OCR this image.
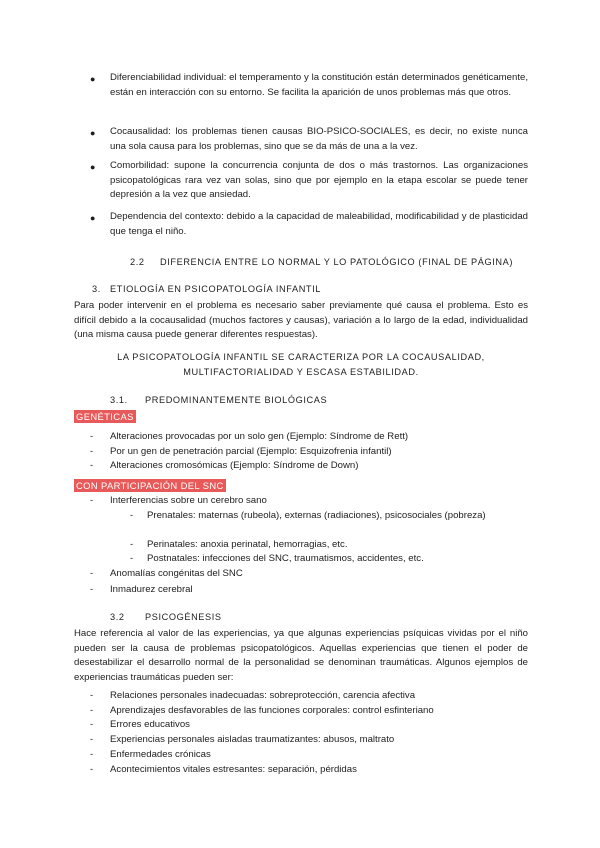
● Diferenciabilidad individual: el temperamento y la constitución están determinados genéticamente, están en interacción con su entorno. Se facilita la aparición de unos problemas más que otros.
● Cocausalidad: los problemas tienen causas BIO-PSICO-SOCIALES, es decir, no existe nunca una sola causa para los problemas, sino que se da más de una a la vez.
● Comorbilidad: supone la concurrencia conjunta de dos o más trastornos. Las organizaciones psicopatológicas rara vez van solas, sino que por ejemplo en la etapa escolar se puede tener depresión a la vez que ansiedad.
● Dependencia del contexto: debido a la capacidad de maleabilidad, modificabilidad y de plasticidad que tenga el niño.
2.2 DIFERENCIA ENTRE LO NORMAL Y LO PATOLÓGICO (FINAL DE PÁGINA)
3. ETIOLOGÍA EN PSICOPATOLOGÍA INFANTIL
Para poder intervenir en el problema es necesario saber previamente qué causa el problema. Esto es difícil debido a la cocausalidad (muchos factores y causas), variación a lo largo de la edad, individualidad (una misma causa puede generar diferentes respuestas).
LA PSICOPATOLOGÍA INFANTIL SE CARACTERIZA POR LA COCAUSALIDAD,
MULTIFACTORIALIDAD Y ESCASA ESTABILIDAD.
3.1. PREDOMINANTEMENTE BIOLÓGICAS
GENÉTICAS
- Alteraciones provocadas por un solo gen (Ejemplo: Síndrome de Rett)
- Por un gen de penetración parcial (Ejemplo: Esquizofrenia infantil)
- Alteraciones cromosómicas (Ejemplo: Síndrome de Down)
CON PARTICIPACIÓN DEL SNC
- Interferencias sobre un cerebro sano
- Prenatales: maternas (rubeola), externas (radiaciones), psicosociales (pobreza)
- Perinatales: anoxia perinatal, hemorragias, etc.
- Postnatales: infecciones del SNC, traumatismos, accidentes, etc.
- Anomalías congénitas del SNC
- Inmadurez cerebral
3.2 PSICOGÉNESIS
Hace referencia al valor de las experiencias, ya que algunas experiencias psíquicas vividas por el niño pueden ser la causa de problemas psicopatológicos. Aquellas experiencias que tienen el poder de desestabilizar el desarrollo normal de la personalidad se denominan traumáticas. Algunos ejemplos de experiencias traumáticas pueden ser:
- Relaciones personales inadecuadas: sobreprotección, carencia afectiva
- Aprendizajes desfavorables de las funciones corporales: control esfinteriano
- Errores educativos
- Experiencias personales aisladas traumatizantes: abusos, maltrato
- Enfermedades crónicas
- Acontecimientos vitales estresantes: separación, pérdidas
